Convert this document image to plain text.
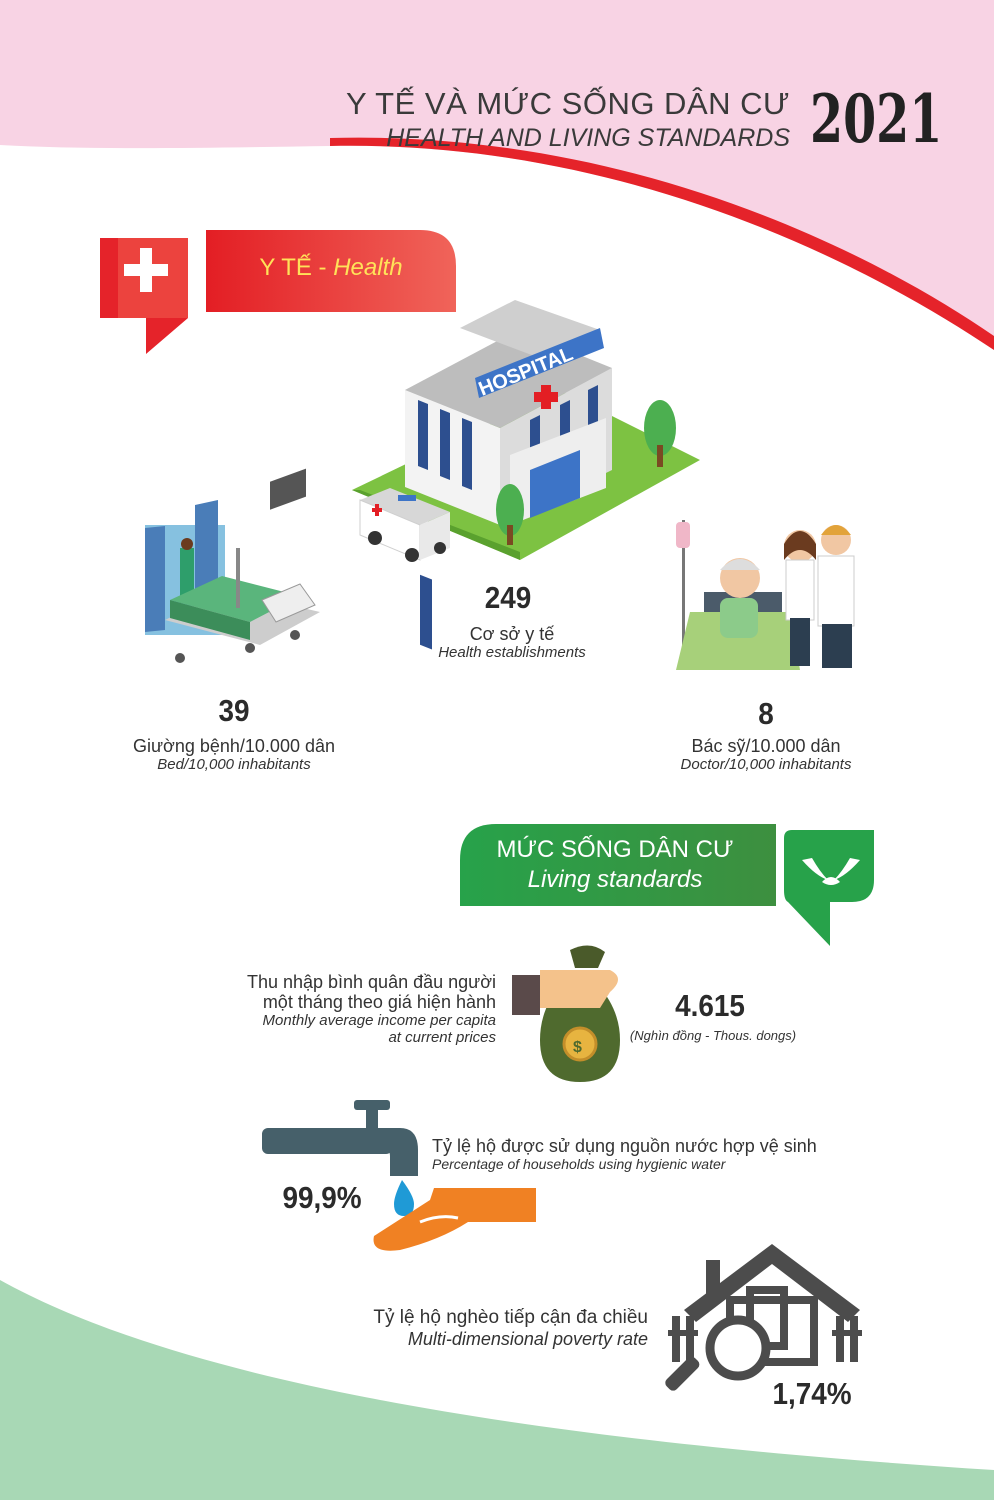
HOSPITAL
$
Y TẾ VÀ MỨC SỐNG DÂN CƯ
HEALTH AND LIVING STANDARDS 2021
Y TẾ - Health
249
Cơ sở y tế
Health establishments
39
Giường bệnh/10.000 dân
Bed/10,000 inhabitants
8
Bác sỹ/10.000 dân
Doctor/10,000 inhabitants
MỨC SỐNG DÂN CƯ
Living standards
Thu nhập bình quân đầu người
một tháng theo giá hiện hành
Monthly average income per capita
at current prices
4.615
(Nghìn đồng - Thous. dongs)
Tỷ lệ hộ được sử dụng nguồn nước hợp vệ sinh
Percentage of households using hygienic water
99,9%
Tỷ lệ hộ nghèo tiếp cận đa chiều
Multi-dimensional poverty rate
1,74%
